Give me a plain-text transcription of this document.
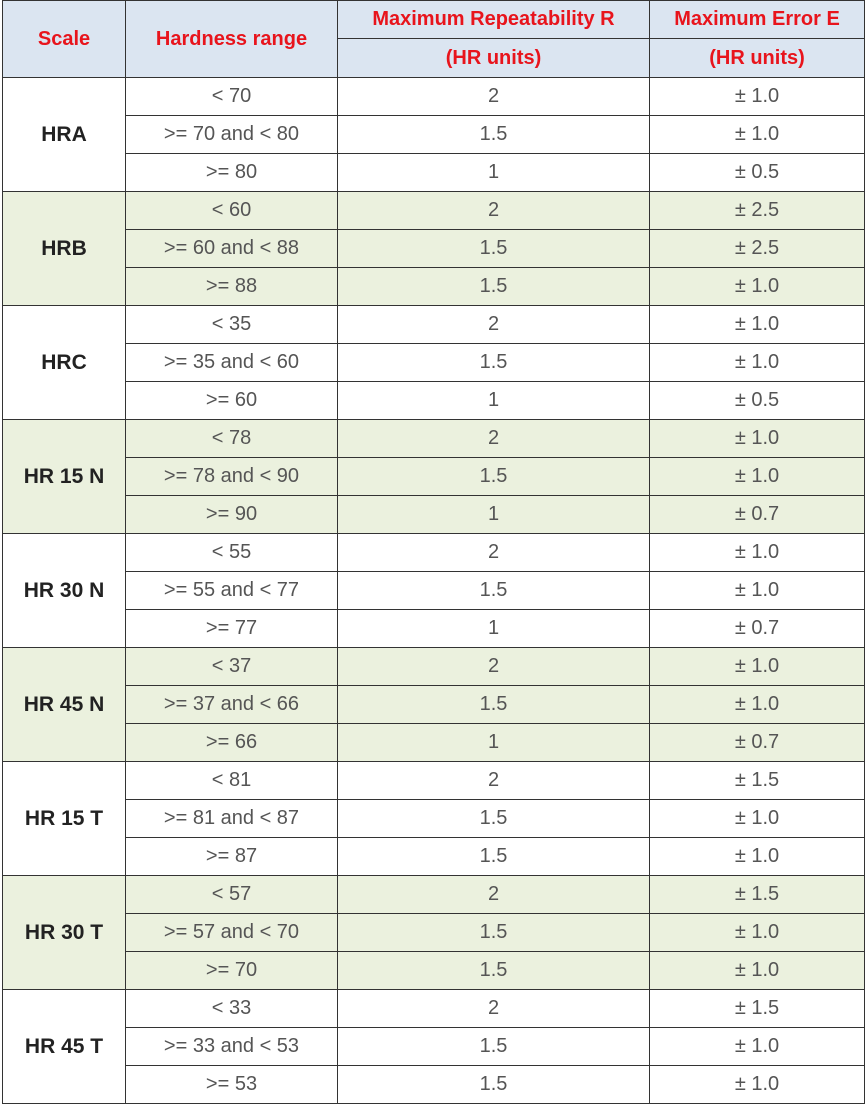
Scale	Hardness range	Maximum Repeatability R	Maximum Error E
		(HR units)	(HR units)
HRA	< 70	2	± 1.0
	>= 70 and < 80	1.5	± 1.0
	>= 80	1	± 0.5
HRB	< 60	2	± 2.5
	>= 60 and < 88	1.5	± 2.5
	>= 88	1.5	± 1.0
HRC	< 35	2	± 1.0
	>= 35 and < 60	1.5	± 1.0
	>= 60	1	± 0.5
HR 15 N	< 78	2	± 1.0
	>= 78 and < 90	1.5	± 1.0
	>= 90	1	± 0.7
HR 30 N	< 55	2	± 1.0
	>= 55 and < 77	1.5	± 1.0
	>= 77	1	± 0.7
HR 45 N	< 37	2	± 1.0
	>= 37 and < 66	1.5	± 1.0
	>= 66	1	± 0.7
HR 15 T	< 81	2	± 1.5
	>= 81 and < 87	1.5	± 1.0
	>= 87	1.5	± 1.0
HR 30 T	< 57	2	± 1.5
	>= 57 and < 70	1.5	± 1.0
	>= 70	1.5	± 1.0
HR 45 T	< 33	2	± 1.5
	>= 33 and < 53	1.5	± 1.0
	>= 53	1.5	± 1.0
